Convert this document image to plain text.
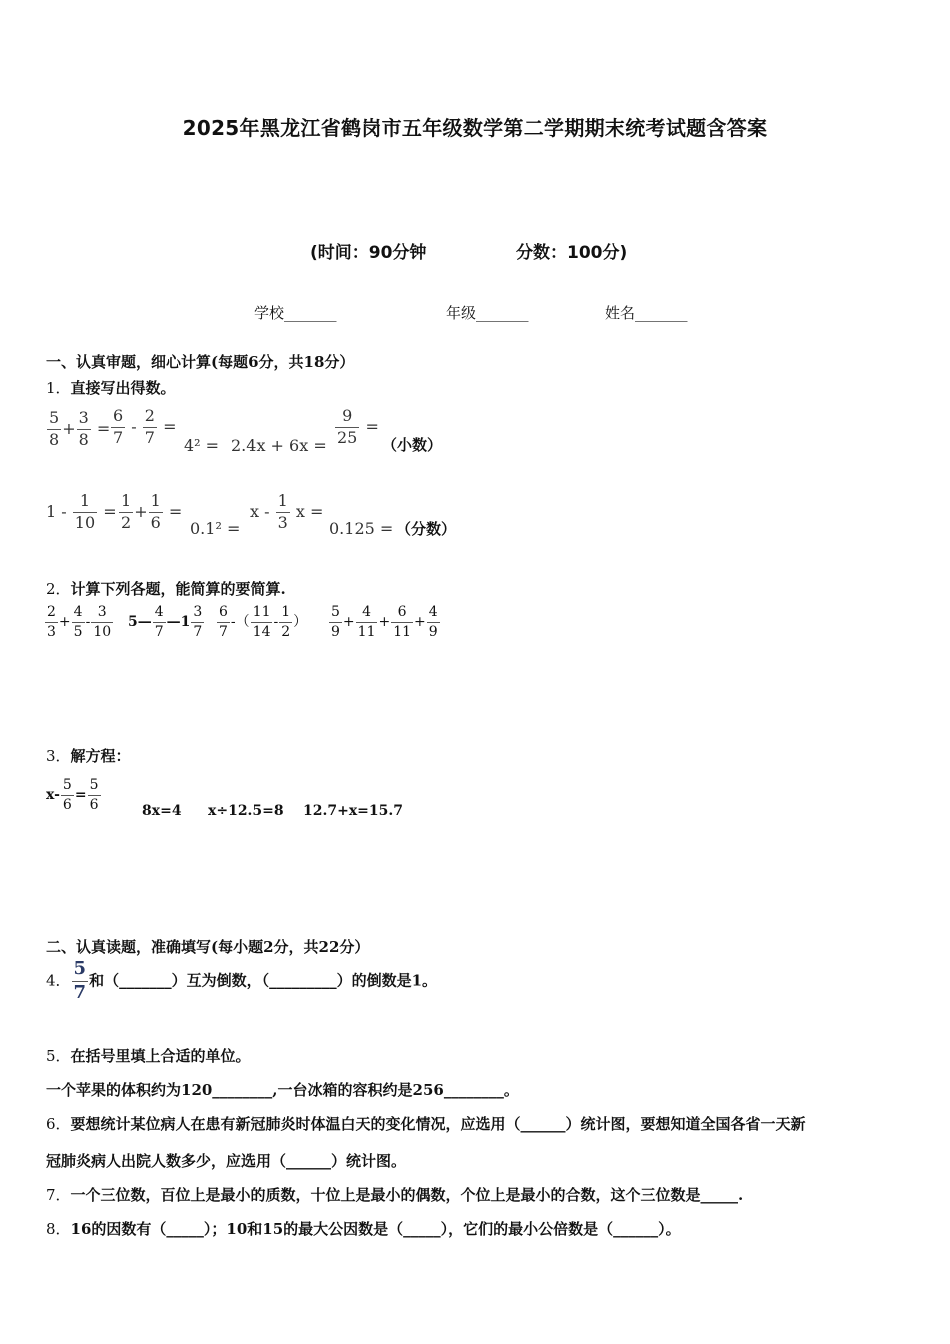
2025年黑龙江省鹤岗市五年级数学第二学期期末统考试题含答案
(时间：90分钟	分数：100分)
学校_______	年级_______	姓名_______
一、认真审题，细心计算(每题6分，共18分）
1．直接写出得数。
$\frac{5}{8} + \frac{3}{8} = \frac{6}{7} - \frac{2}{7}$ =
$4^2 = 2.4x + 6x = \frac{9}{25}$ =
（小数）
$1 - \frac{1}{10} = \frac{1}{2} + \frac{1}{6}$ =
0.1² =
x - $\frac{1}{3}$ x =
0.125 = （分数）
2．计算下列各题，能简算的要简算.
$\frac{2}{3} + \frac{4}{5} - \frac{3}{10}$ 5— $\frac{4}{7}$ —1 $\frac{3}{7} \frac{6}{7}$ -（ $\frac{11}{14} - \frac{1}{2}$ ） $\frac{5}{9} + \frac{4}{11} + \frac{6}{11} + \frac{4}{9}$
3．解方程：
$x- \frac{5}{6} = \frac{5}{6}$	8x=4 x÷12.5=8 12.7+x=15.7
二、认真读题，准确填写(每小题2分，共22分）
4． $\frac{5}{7}$ 和（_______）互为倒数，（_________）的倒数是1。
5．在括号里填上合适的单位。
一个苹果的体积约为120________,一台冰箱的容积约是256________。
6．要想统计某位病人在患有新冠肺炎时体温白天的变化情况，应选用（______）统计图，要想知道全国各省一天新
冠肺炎病人出院人数多少，应选用（______）统计图。
7．一个三位数，百位上是最小的质数，十位上是最小的偶数，个位上是最小的合数，这个三位数是_____.
8．16的因数有（_____）；10和15的最大公因数是（_____），它们的最小公倍数是（______）。
